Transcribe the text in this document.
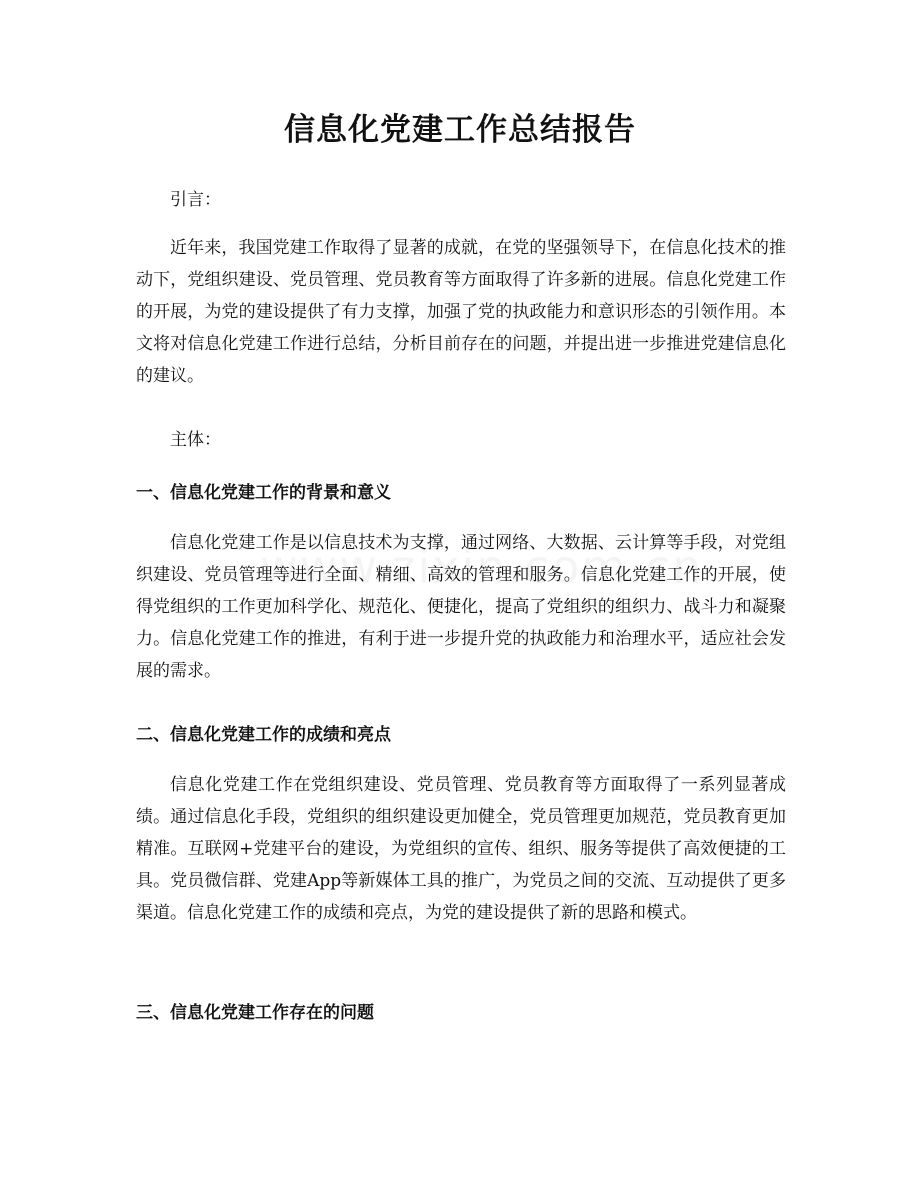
信息化党建工作总结报告

引言：

近年来，我国党建工作取得了显著的成就，在党的坚强领导下，在信息化技术的推动下，党组织建设、党员管理、党员教育等方面取得了许多新的进展。信息化党建工作的开展，为党的建设提供了有力支撑，加强了党的执政能力和意识形态的引领作用。本文将对信息化党建工作进行总结，分析目前存在的问题，并提出进一步推进党建信息化的建议。

主体：

一、信息化党建工作的背景和意义

信息化党建工作是以信息技术为支撑，通过网络、大数据、云计算等手段，对党组织建设、党员管理等进行全面、精细、高效的管理和服务。信息化党建工作的开展，使得党组织的工作更加科学化、规范化、便捷化，提高了党组织的组织力、战斗力和凝聚力。信息化党建工作的推进，有利于进一步提升党的执政能力和治理水平，适应社会发展的需求。

二、信息化党建工作的成绩和亮点

信息化党建工作在党组织建设、党员管理、党员教育等方面取得了一系列显著成绩。通过信息化手段，党组织的组织建设更加健全，党员管理更加规范，党员教育更加精准。互联网+党建平台的建设，为党组织的宣传、组织、服务等提供了高效便捷的工具。党员微信群、党建App等新媒体工具的推广，为党员之间的交流、互动提供了更多渠道。信息化党建工作的成绩和亮点，为党的建设提供了新的思路和模式。

三、信息化党建工作存在的问题
